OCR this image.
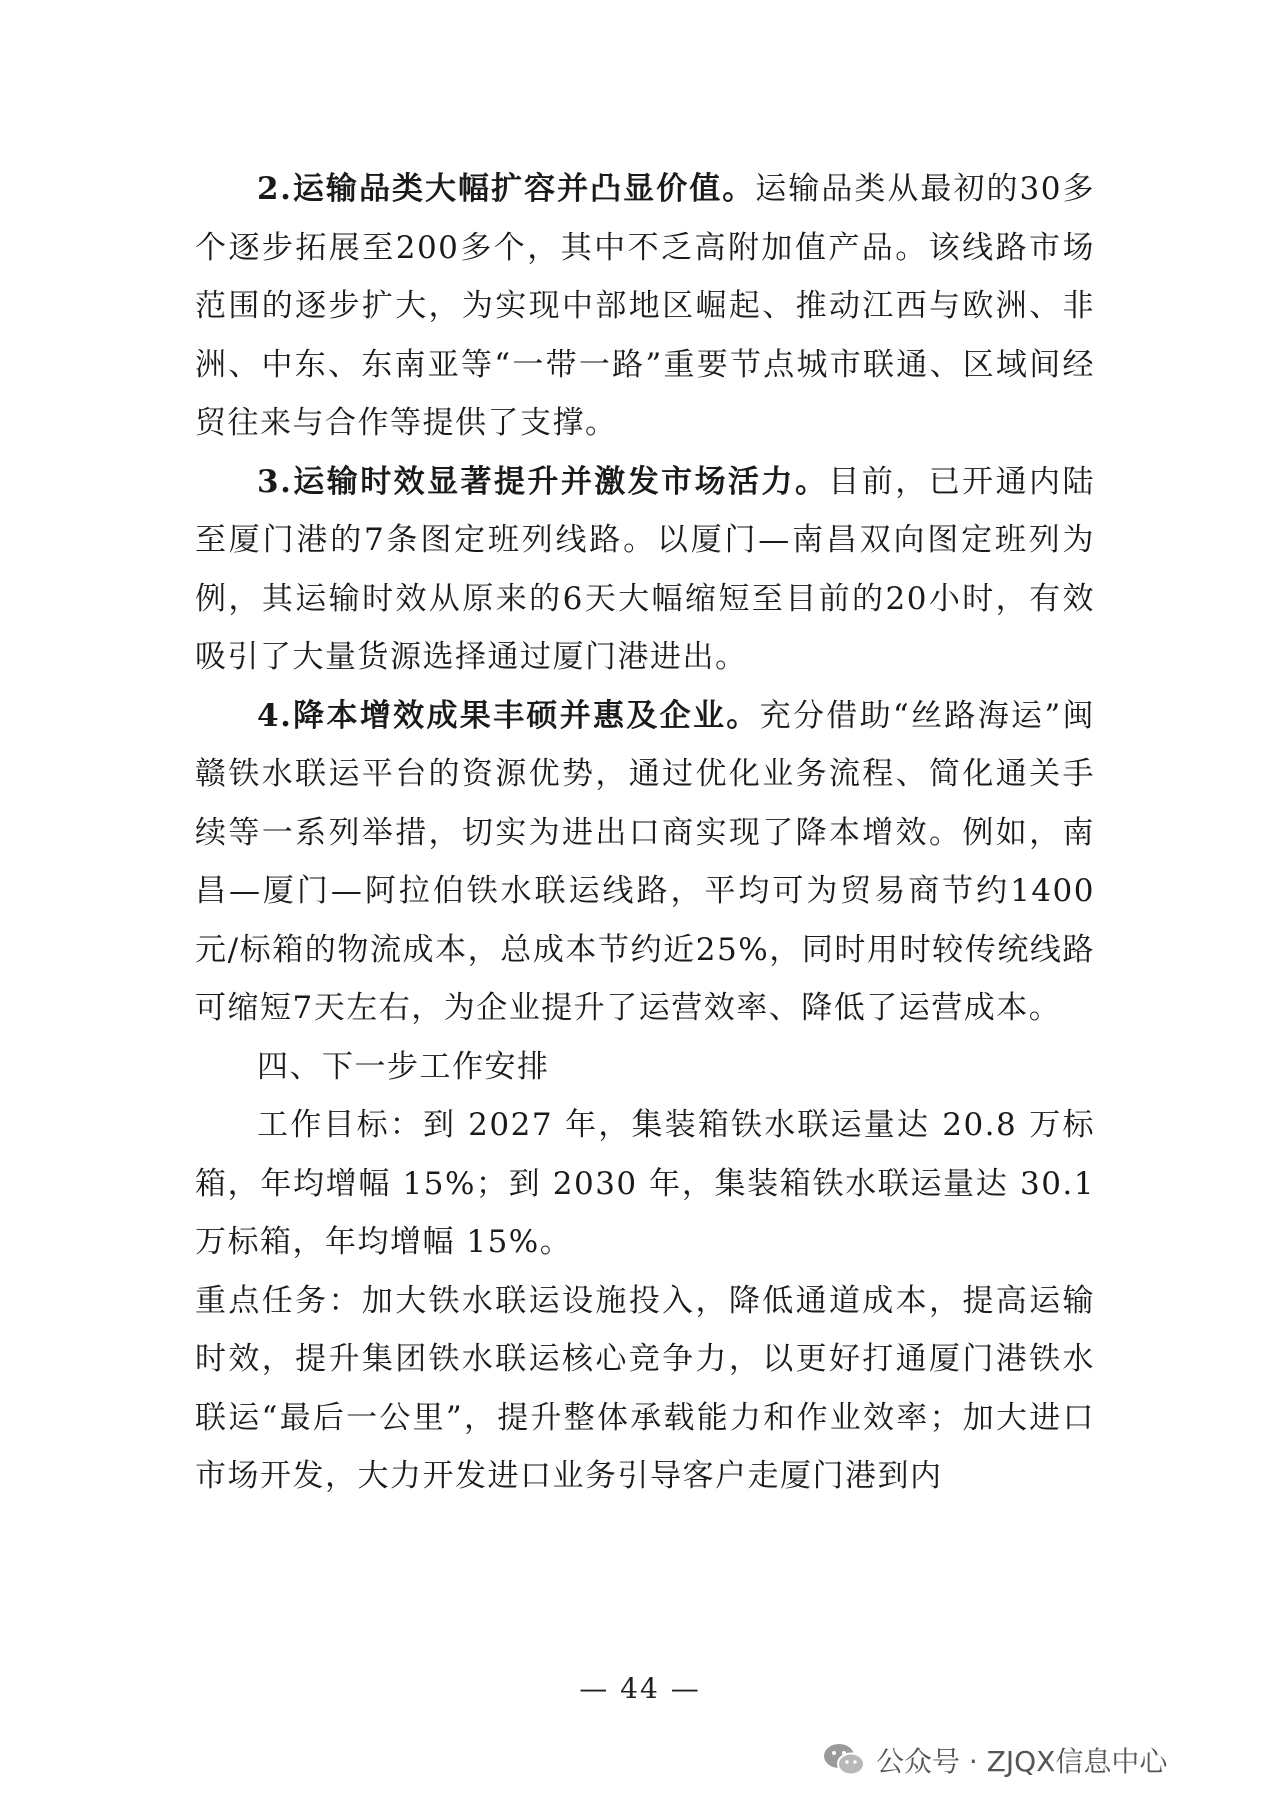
2.运输品类大幅扩容并凸显价值。运输品类从最初的30多个逐步拓展至200多个，其中不乏高附加值产品。该线路市场范围的逐步扩大，为实现中部地区崛起、推动江西与欧洲、非洲、中东、东南亚等“一带一路”重要节点城市联通、区域间经贸往来与合作等提供了支撑。

3.运输时效显著提升并激发市场活力。目前，已开通内陆至厦门港的7条图定班列线路。以厦门—南昌双向图定班列为例，其运输时效从原来的6天大幅缩短至目前的20小时，有效吸引了大量货源选择通过厦门港进出。

4.降本增效成果丰硕并惠及企业。充分借助“丝路海运”闽赣铁水联运平台的资源优势，通过优化业务流程、简化通关手续等一系列举措，切实为进出口商实现了降本增效。例如，南昌—厦门—阿拉伯铁水联运线路，平均可为贸易商节约1400元/标箱的物流成本，总成本节约近25%，同时用时较传统线路可缩短7天左右，为企业提升了运营效率、降低了运营成本。

四、下一步工作安排

工作目标：到 2027 年，集装箱铁水联运量达 20.8 万标箱，年均增幅 15%；到 2030 年，集装箱铁水联运量达 30.1 万标箱，年均增幅 15%。

重点任务：加大铁水联运设施投入，降低通道成本，提高运输时效，提升集团铁水联运核心竞争力，以更好打通厦门港铁水联运“最后一公里”，提升整体承载能力和作业效率；加大进口市场开发，大力开发进口业务引导客户走厦门港到内

— 44 —
公众号 · ZJQX信息中心
